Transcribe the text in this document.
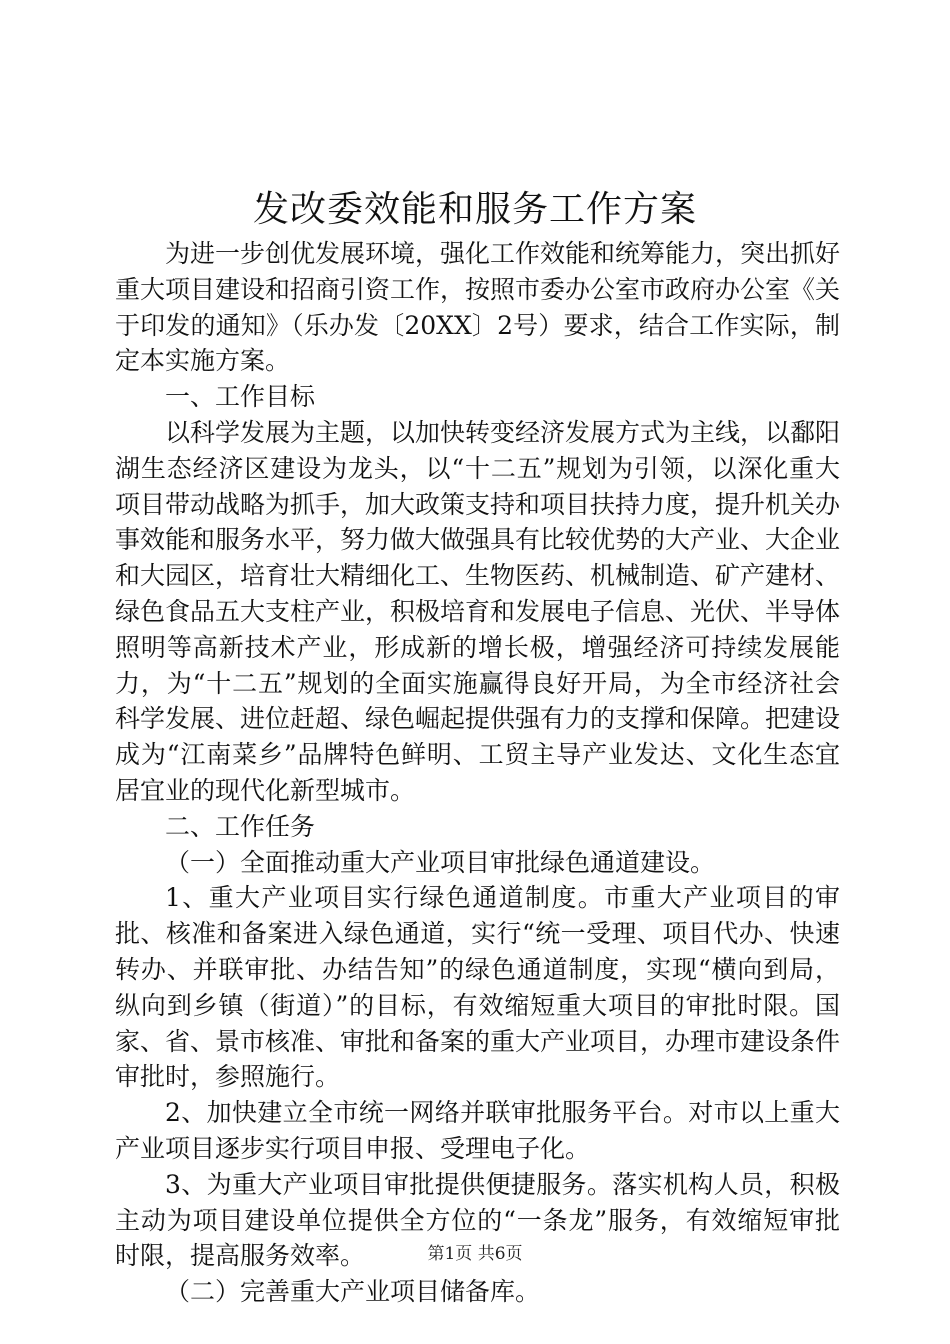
发改委效能和服务工作方案

为进一步创优发展环境，强化工作效能和统筹能力，突出抓好重大项目建设和招商引资工作，按照市委办公室市政府办公室《关于印发的通知》（乐办发〔20XX〕2号）要求，结合工作实际，制定本实施方案。

一、工作目标

以科学发展为主题，以加快转变经济发展方式为主线，以鄱阳湖生态经济区建设为龙头，以“十二五”规划为引领，以深化重大项目带动战略为抓手，加大政策支持和项目扶持力度，提升机关办事效能和服务水平，努力做大做强具有比较优势的大产业、大企业和大园区，培育壮大精细化工、生物医药、机械制造、矿产建材、绿色食品五大支柱产业，积极培育和发展电子信息、光伏、半导体照明等高新技术产业，形成新的增长极，增强经济可持续发展能力，为“十二五”规划的全面实施赢得良好开局，为全市经济社会科学发展、进位赶超、绿色崛起提供强有力的支撑和保障。把建设成为“江南菜乡”品牌特色鲜明、工贸主导产业发达、文化生态宜居宜业的现代化新型城市。

二、工作任务

（一）全面推动重大产业项目审批绿色通道建设。

1、重大产业项目实行绿色通道制度。市重大产业项目的审批、核准和备案进入绿色通道，实行“统一受理、项目代办、快速转办、并联审批、办结告知”的绿色通道制度，实现“横向到局，纵向到乡镇（街道）”的目标，有效缩短重大项目的审批时限。国家、省、景市核准、审批和备案的重大产业项目，办理市建设条件审批时，参照施行。

2、加快建立全市统一网络并联审批服务平台。对市以上重大产业项目逐步实行项目申报、受理电子化。

3、为重大产业项目审批提供便捷服务。落实机构人员，积极主动为项目建设单位提供全方位的“一条龙”服务，有效缩短审批时限，提高服务效率。

（二）完善重大产业项目储备库。

第1页 共6页
